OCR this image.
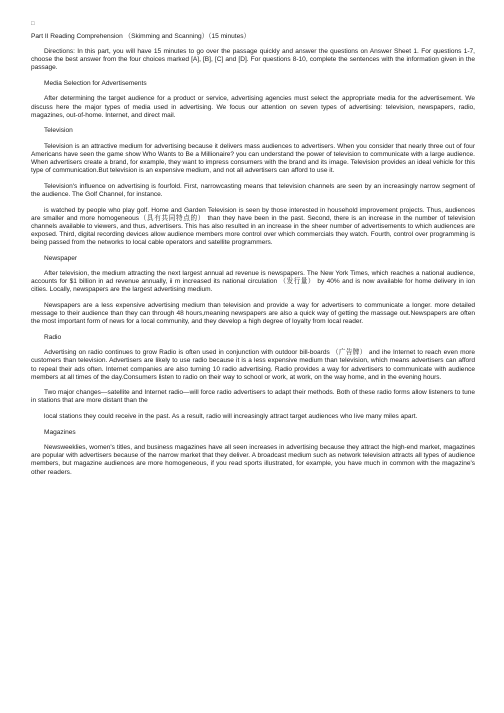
□

Part II Reading Comprehension （Skimming and Scanning）（15 minutes）

Directions: In this part, you will have 15 minutes to go over the passage quickly and answer the questions on Answer Sheet 1. For questions 1-7, choose the best answer from the four choices marked [A], [B], [C] and [D]. For questions 8-10, complete the sentences with the information given in the passage.

Media Selection for Advertisements

After determining the target audience for a product or service, advertising agencies must select the appropriate media for the advertisement. We discuss here the major types of media used in advertising. We focus our attention on seven types of advertising: television, newspapers, radio, magazines, out-of-home. Internet, and direct mail.

Television

Television is an attractive medium for advertising because it delivers mass audiences to advertisers. When you consider that nearly three out of four Americans have seen the game show Who Wants to Be a Millionaire? you can understand the power of television to communicate with a large audience. When advertisers create a brand, for example, they want to impress consumers with the brand and its image. Television provides an ideal vehicle for this type of communication.But television is an expensive medium, and not all advertisers can afford to use it.

Television's influence on advertising is fourfold. First, narrowcasting means that television channels are seen by an increasingly narrow segment of the audience. The Golf Channel, for instance.

is watched by people who play golf. Home and Garden Television is seen by those interested in household improvement projects. Thus, audiences are smaller and more homogeneous（具有共同特点的） than they have been in the past. Second, there is an increase in the number of television channels available to viewers, and thus, advertisers. This has also resulted in an increase in the sheer number of advertisements to which audiences are exposed. Third, digital recording devices allow audience members more control over which commercials they watch. Fourth, control over programming is being passed from the networks to local cable operators and satellite programmers.

Newspaper

After television, the medium attracting the next largest annual ad revenue is newspapers. The New York Times, which reaches a national audience, accounts for $1 billion in ad revenue annually, ii m increased its national circulation （发行量） by 40% and is now available for home delivery in ion cities. Locally, newspapers are the largest advertising medium.

Newspapers are a less expensive advertising medium than television and provide a way for advertisers to communicate a longer. more detailed message to their audience than they can through 48 hours,meaning newspapers are also a quick way of getting the massage out.Newspapers are often the most important form of news for a local community, and they develop a high degree of loyalty from local reader.

Radio

Advertising on radio continues to grow Radio is often used in conjunction with outdoor bill-boards （广告牌） and ihe Internet to reach even more customers than television. Advertisers are likely to use radio because it is a less expensive medium than television, which means advertisers can afford to repeal their ads often. Internet companies are also turning 10 radio advertising. Radio provides a way for advertisers to communicate with audience members at all times of the day.Consumers listen to radio on their way to school or work, at work, on the way home, and in the evening hours.

Two major changes—satellite and Internet radio—will force radio advertisers to adapt their methods. Both of these radio forms allow listeners to tune in stations that are more distant than the

local stations they could receive in the past. As a result, radio will increasingly attract target audiences who live many miles apart.

Magazines

Newsweeklies, women's titles, and business magazines have all seen increases in advertising because they attract the high-end market, magazines are popular with advertisers because of the narrow market that they deliver. A broadcast medium such as network television attracts all types of audience members, but magazine audiences are more homogeneous, if you read sports illustrated, for example, you have much in common with the magazine's other readers.
